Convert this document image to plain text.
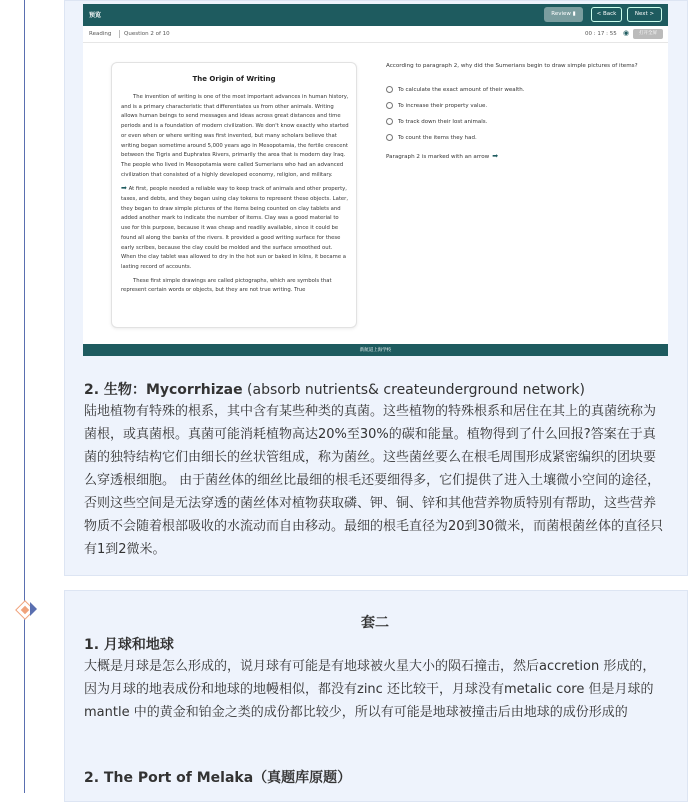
预览	Review ▮	< Back	Next >
Reading Question 2 of 10	00 : 17 : 55 ◉	打开全屏
The Origin of Writing

The invention of writing is one of the most important advances in human history, and is a primary characteristic that differentiates us from other animals. Writing allows human beings to send messages and ideas across great distances and time periods and is a foundation of modern civilization. We don't know exactly who started or even when or where writing was first invented, but many scholars believe that writing began sometime around 5,000 years ago in Mesopotamia, the fertile crescent between the Tigris and Euphrates Rivers, primarily the area that is modern day Iraq. The people who lived in Mesopotamia were called Sumerians who had an advanced civilization that consisted of a highly developed economy, religion, and military.

➡ At first, people needed a reliable way to keep track of animals and other property, taxes, and debts, and they began using clay tokens to represent these objects. Later, they began to draw simple pictures of the items being counted on clay tablets and added another mark to indicate the number of items. Clay was a good material to use for this purpose, because it was cheap and readily available, since it could be found all along the banks of the rivers. It provided a good writing surface for these early scribes, because the clay could be molded and the surface smoothed out. When the clay tablet was allowed to dry in the hot sun or baked in kilns, it became a lasting record of accounts.

These first simple drawings are called pictographs, which are symbols that represent certain words or objects, but they are not true writing. True

According to paragraph 2, why did the Sumerians begin to draw simple pictures of items?
To calculate the exact amount of their wealth.
To increase their property value.
To track down their lost animals.
To count the items they had.
Paragraph 2 is marked with an arrow ➡
新航道上海学校
2. 生物：Mycorrhizae (absorb nutrients& createunderground network)
陆地植物有特殊的根系，其中含有某些种类的真菌。这些植物的特殊根系和居住在其上的真菌统称为菌根，或真菌根。真菌可能消耗植物高达20%至30%的碳和能量。植物得到了什么回报?答案在于真菌的独特结构它们由细长的丝状管组成，称为菌丝。这些菌丝要么在根毛周围形成紧密编织的团块要么穿透根细胞。 由于菌丝体的细丝比最细的根毛还要细得多，它们提供了进入土壤微小空间的途径，否则这些空间是无法穿透的菌丝体对植物获取磷、钾、铜、锌和其他营养物质特别有帮助，这些营养物质不会随着根部吸收的水流动而自由移动。最细的根毛直径为20到30微米，而菌根菌丝体的直径只有1到2微米。
套二
1. 月球和地球
大概是月球是怎么形成的，说月球有可能是有地球被火星大小的陨石撞击，然后accretion 形成的，因为月球的地表成份和地球的地幔相似，都没有zinc 还比较干，月球没有metalic core 但是月球的mantle 中的黄金和铂金之类的成份都比较少，所以有可能是地球被撞击后由地球的成份形成的
2. The Port of Melaka（真题库原题）
